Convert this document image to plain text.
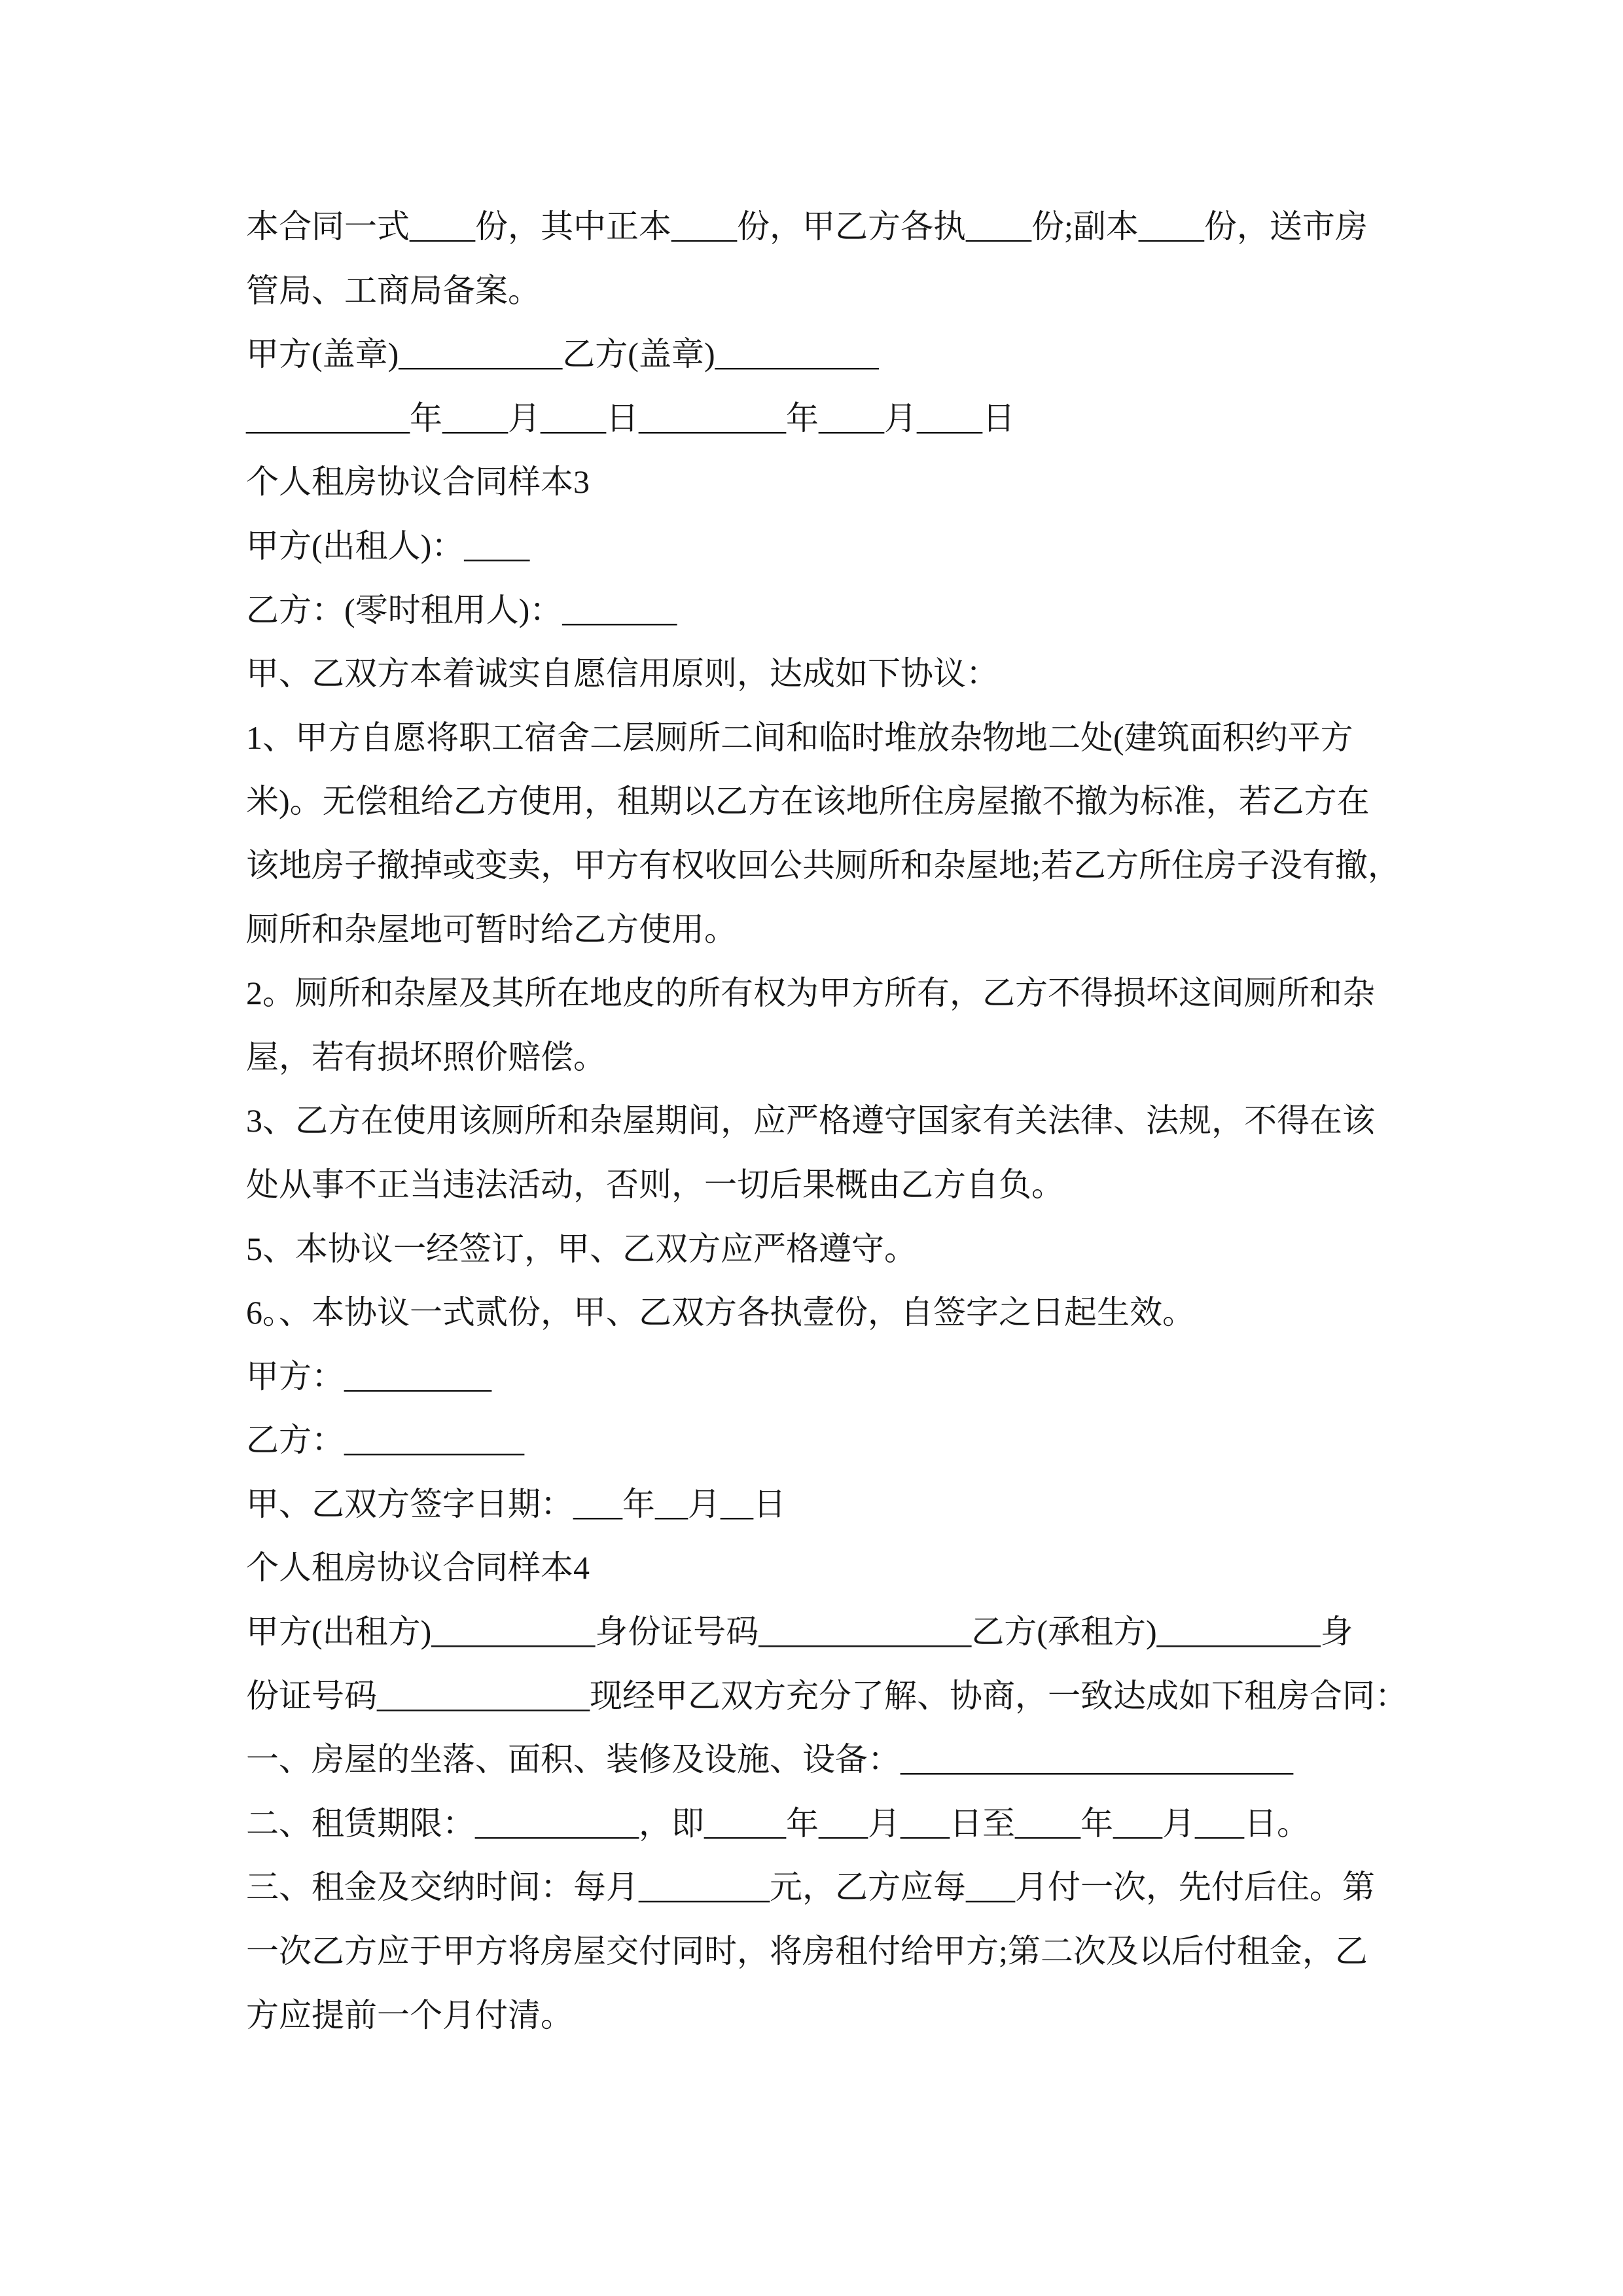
本合同一式____份，其中正本____份，甲乙方各执____份;副本____份，送市房
管局、工商局备案。
甲方(盖章)__________乙方(盖章)__________
__________年____月____日_________年____月____日
个人租房协议合同样本3
甲方(出租人)：____
乙方：(零时租用人)：_______
甲、乙双方本着诚实自愿信用原则，达成如下协议：
1、甲方自愿将职工宿舍二层厕所二间和临时堆放杂物地二处(建筑面积约平方
米)。无偿租给乙方使用，租期以乙方在该地所住房屋撤不撤为标准，若乙方在
该地房子撤掉或变卖，甲方有权收回公共厕所和杂屋地;若乙方所住房子没有撤，
厕所和杂屋地可暂时给乙方使用。
2。厕所和杂屋及其所在地皮的所有权为甲方所有，乙方不得损坏这间厕所和杂
屋，若有损坏照价赔偿。
3、乙方在使用该厕所和杂屋期间，应严格遵守国家有关法律、法规，不得在该
处从事不正当违法活动，否则，一切后果概由乙方自负。
5、本协议一经签订，甲、乙双方应严格遵守。
6。、本协议一式贰份，甲、乙双方各执壹份，自签字之日起生效。
甲方：_________
乙方：___________
甲、乙双方签字日期：___年__月__日
个人租房协议合同样本4
甲方(出租方)__________身份证号码_____________乙方(承租方)__________身
份证号码_____________现经甲乙双方充分了解、协商，一致达成如下租房合同：
一、房屋的坐落、面积、装修及设施、设备：________________________
二、租赁期限：__________，即_____年___月___日至____年___月___日。
三、租金及交纳时间：每月________元，乙方应每___月付一次，先付后住。第
一次乙方应于甲方将房屋交付同时，将房租付给甲方;第二次及以后付租金，乙
方应提前一个月付清。
